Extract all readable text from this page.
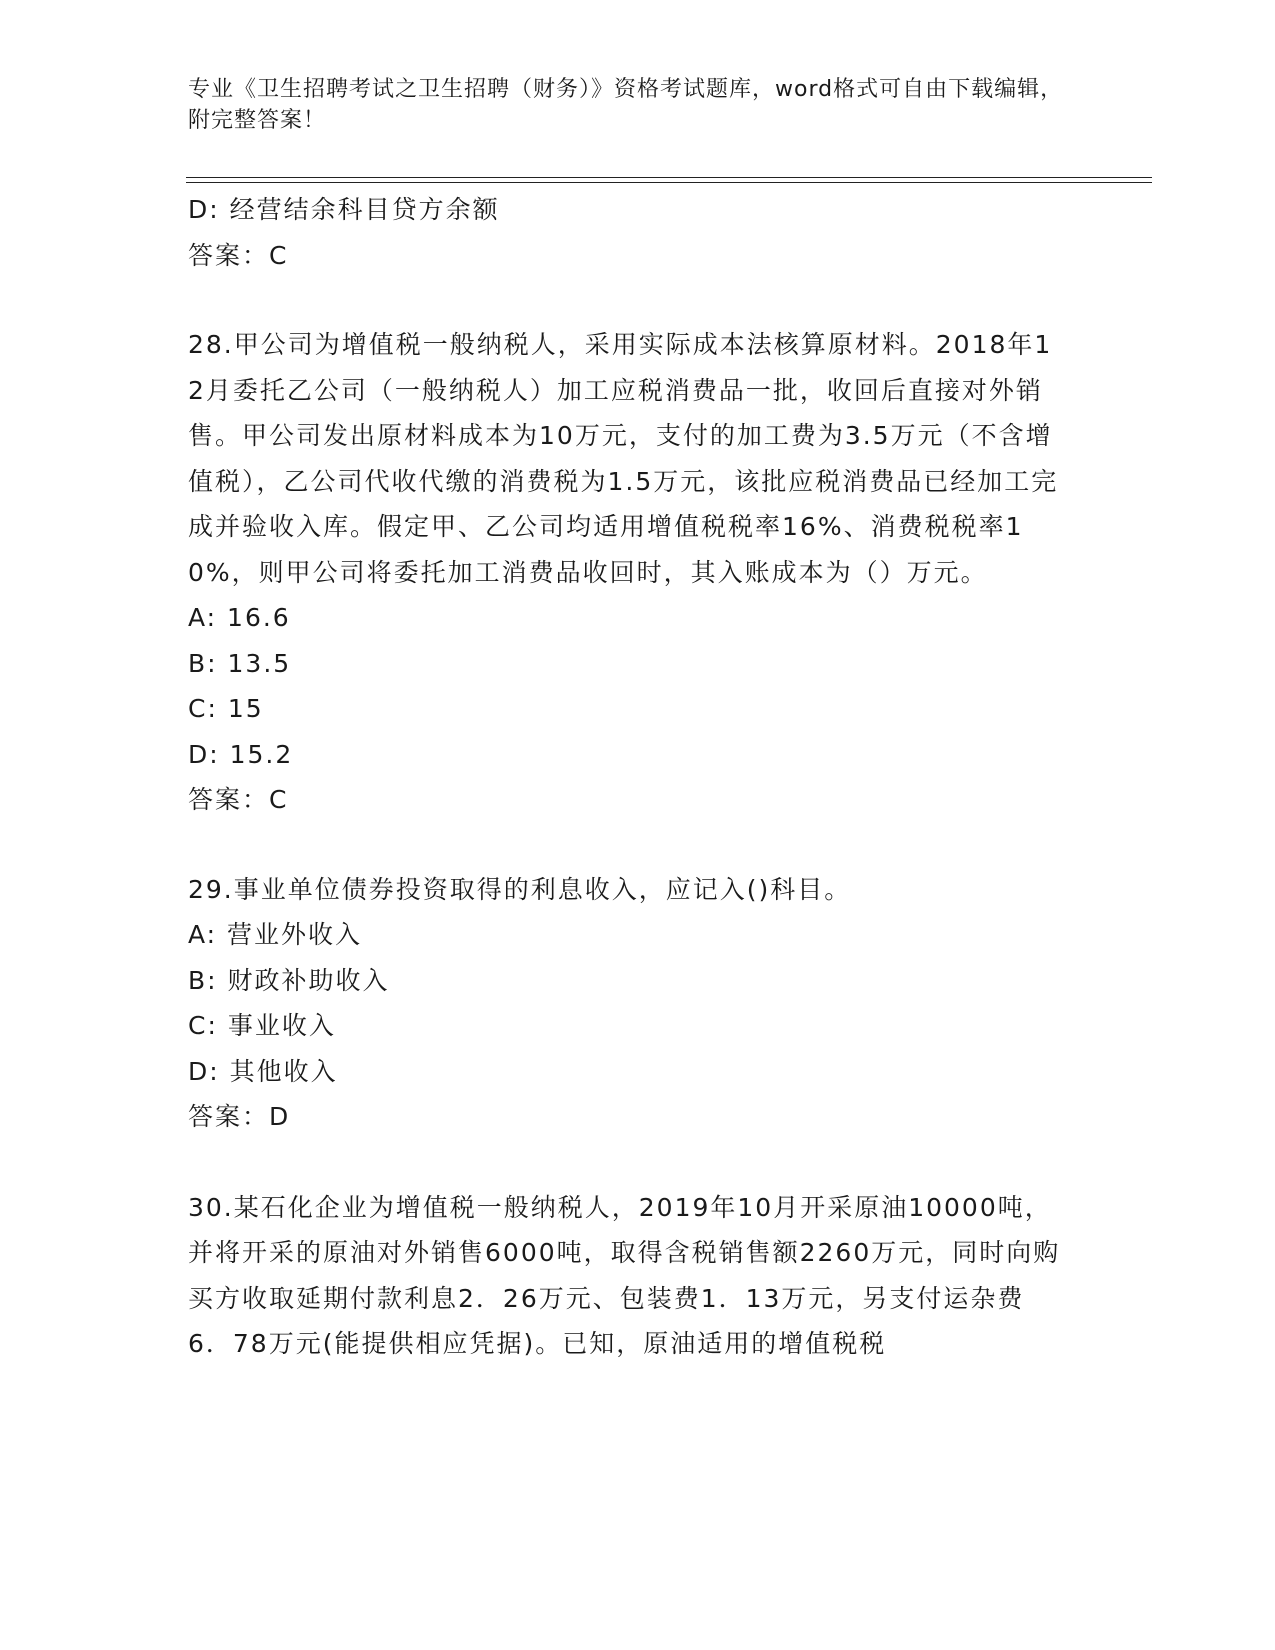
专业《卫生招聘考试之卫生招聘（财务）》资格考试题库，word格式可自由下载编辑，附完整答案！
D: 经营结余科目贷方余额
答案：C

28.甲公司为增值税一般纳税人，采用实际成本法核算原材料。2018年12月委托乙公司（一般纳税人）加工应税消费品一批，收回后直接对外销售。甲公司发出原材料成本为10万元，支付的加工费为3.5万元（不含增值税），乙公司代收代缴的消费税为1.5万元，该批应税消费品已经加工完成并验收入库。假定甲、乙公司均适用增值税税率16%、消费税税率10%，则甲公司将委托加工消费品收回时，其入账成本为（）万元。

A: 16.6
B: 13.5
C: 15
D: 15.2
答案：C

29.事业单位债券投资取得的利息收入，应记入()科目。

A: 营业外收入
B: 财政补助收入
C: 事业收入
D: 其他收入
答案：D

30.某石化企业为增值税一般纳税人，2019年10月开采原油10000吨，并将开采的原油对外销售6000吨，取得含税销售额2260万元，同时向购买方收取延期付款利息2．26万元、包装费1．13万元，另支付运杂费6．78万元(能提供相应凭据)。已知，原油适用的增值税税
